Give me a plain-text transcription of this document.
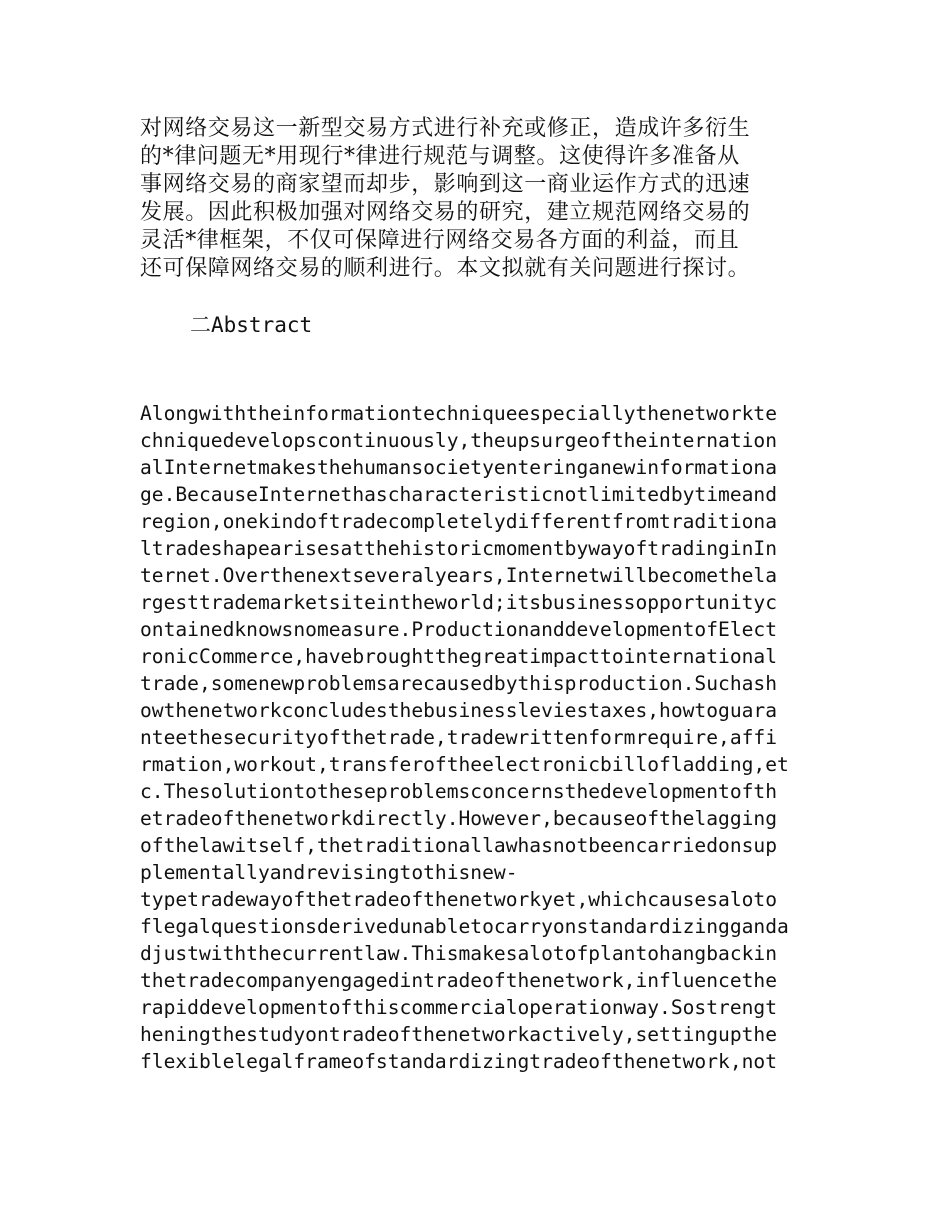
对网络交易这一新型交易方式进行补充或修正，造成许多衍生
的*律问题无*用现行*律进行规范与调整。这使得许多准备从
事网络交易的商家望而却步，影响到这一商业运作方式的迅速
发展。因此积极加强对网络交易的研究，建立规范网络交易的
灵活*律框架，不仅可保障进行网络交易各方面的利益，而且
还可保障网络交易的顺利进行。本文拟就有关问题进行探讨。
二Abstract
Alongwiththeinformationtechniqueespeciallythenetworkte
chniquedevelopscontinuously,theupsurgeoftheinternation
alInternetmakesthehumansocietyenteringanewinformationa
ge.BecauseInternethascharacteristicnotlimitedbytimeand
region,onekindoftradecompletelydifferentfromtraditiona
ltradeshapearisesatthehistoricmomentbywayoftradinginIn
ternet.Overthenextseveralyears,Internetwillbecomethela
rgesttrademarketsiteintheworld;itsbusinessopportunityc
ontainedknowsnomeasure.ProductionanddevelopmentofElect
ronicCommerce,havebroughtthegreatimpacttointernational
trade,somenewproblemsarecausedbythisproduction.Suchash
owthenetworkconcludesthebusinessleviestaxes,howtoguara
nteethesecurityofthetrade,tradewrittenformrequire,affi
rmation,workout,transferoftheelectronicbillofladding,et
c.Thesolutiontotheseproblemsconcernsthedevelopmentofth
etradeofthenetworkdirectly.However,becauseofthelagging
ofthelawitself,thetraditionallawhasnotbeencarriedonsup
plementallyandrevisingtothisnew-
typetradewayofthetradeofthenetworkyet,whichcausesaloto
flegalquestionsderivedunabletocarryonstandardizingganda
djustwiththecurrentlaw.Thismakesalotofplantohangbackin
thetradecompanyengagedintradeofthenetwork,influencethe
rapiddevelopmentofthiscommercialoperationway.Sostrengt
heningthestudyontradeofthenetworkactively,settingupthe
flexiblelegalframeofstandardizingtradeofthenetwork,not
